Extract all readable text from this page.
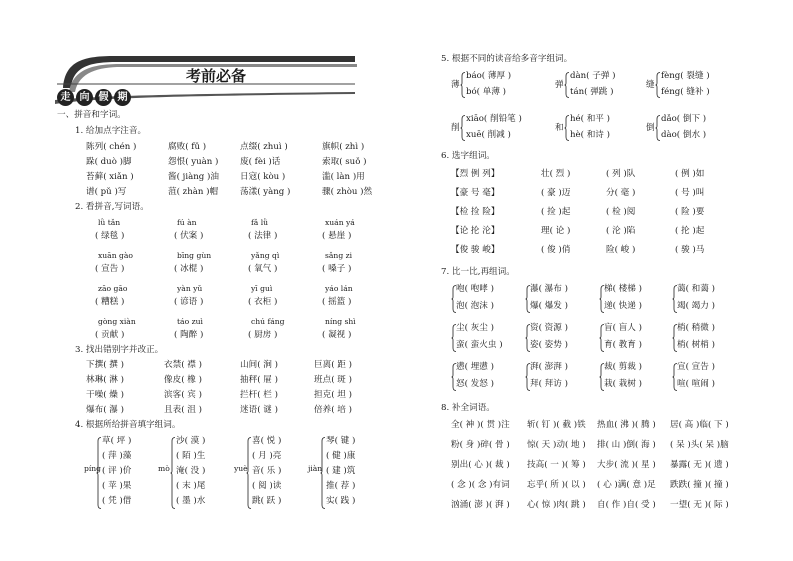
考前必备
走 向 假 期
一、拼音和字词。
1. 给加点字注音。
陈列( chén )	腐败( fǔ )	点缀( zhuì )	旗帜( zhì )
跺( duò )脚	怨恨( yuàn )	废( fèi )话	索取( suǒ )
苔藓( xiǎn )	酱( jiàng )油 日寇( kòu )	滥( làn )用
谱( pǔ )写	菹( zhàn )帽	荡漾( yàng )	骤( zhòu )然
2. 看拼音,写词语。
lǜ tǎn
( 绿毯 )
fú àn
( 伏案 )
fǎ lǜ
( 法律 )
xuán yá
( 悬崖 )
xuān gào
( 宣告 )
bīng gùn
( 冰棍 )
yǎng qì
( 氧气 )
sǎng zi
( 嗓子 )
zāo gāo
( 糟糕 )
yàn yǔ
( 谚语 )
yī guì
( 衣柜 )
yáo lán
( 摇篮 )
gòng xiàn
( 贡献 )
táo zuì
( 陶醉 )
chú fáng
( 厨房 )
níng shì
( 凝视 )
3. 找出错别字并改正。
下撰( 撰 )	衣禁( 襟 )	山间( 涧 )	巨离( 距 )
林琳( 淋 )	像皮( 橡 )	抽秤( 屉 )	班点( 斑 )
干噪( 燥 )	滨客( 宾 )	拦杆( 栏 )	担克( 坦 )
爆布( 瀑 )	且表( 沮 )	迷语( 谜 )	倍养( 培 )
4. 根据所给拼音填字组词。
píng
草( 坪 )
( 萍 )藻
( 评 )价
( 苹 )果
( 凭 )借
mò
沙( 漠 )
( 陌 )生
淹( 没 )
( 末 )尾
( 墨 )水
yuè
喜( 悦 )
( 月 )亮
音( 乐 )
( 阅 )读
跳( 跃 )
jiàn
琴( 键 )
( 健 )康
( 建 )筑
推( 荐 )
实( 践 )
5. 根据不同的读音给多音字组词。
薄
báo( 薄厚 )
bó( 单薄 )
弹
dàn( 子弹 )
tán( 弹跳 )
缝
fèng( 裂缝 )
féng( 缝补 )
削
xiāo( 削铅笔 )
xuē( 削减 )
和
hé( 和平 )
hè( 和诗 )
倒
dǎo( 倒下 )
dào( 倒水 )
6. 选字组词。
【烈 例 列】	壮( 烈 )	( 列 )队	( 例 )如
【豪 号 毫】	( 豪 )迈	分( 毫 )	( 号 )叫
【检 捡 险】	( 捡 )起	( 检 )阅	( 险 )要
【论 抡 沦】	理( 论 )	( 沦 )陷	( 抡 )起
【俊 骏 峻】	( 俊 )俏	险( 峻 )	( 骏 )马
7. 比一比,再组词。
咆( 咆哮 )
泡( 泡沫 )
瀑( 瀑布 )
爆( 爆发 )
梯( 楼梯 )
递( 快递 )
蔼( 和蔼 )
竭( 竭力 )
尘( 灰尘 )
蛮( 蛮火虫 )
资( 资源 )
姿( 姿势 )
盲( 盲人 )
育( 教育 )
梢( 稍微 )
梢( 树梢 )
懑( 埋懑 )
怒( 发怒 )
湃( 澎湃 )
拜( 拜访 )
裁( 剪裁 )
栽( 栽树 )
宣( 宣告 )
喧( 喧闹 )
8. 补全词语。
全( 神 )( 贯 )注 斩( 钉 )( 截 )铁 热血( 沸 )( 腾 ) 居( 高 )临( 下 )
粉( 身 )碎( 骨 ) 惊( 天 )动( 地 ) 排( 山 )倒( 海 ) ( 呆 )头( 呆 )脑
别出( 心 )( 裁 ) 技高( 一 )( 筹 ) 大步( 流 )( 星 ) 暴露( 无 )( 遗 )
( 念 )( 念 )有词 忘乎( 所 )( 以 ) ( 心 )满( 意 )足 跌跌( 撞 )( 撞 )
汹涌( 澎 )( 湃 ) 心( 惊 )肉( 跳 ) 自( 作 )自( 受 ) 一望( 无 )( 际 )
